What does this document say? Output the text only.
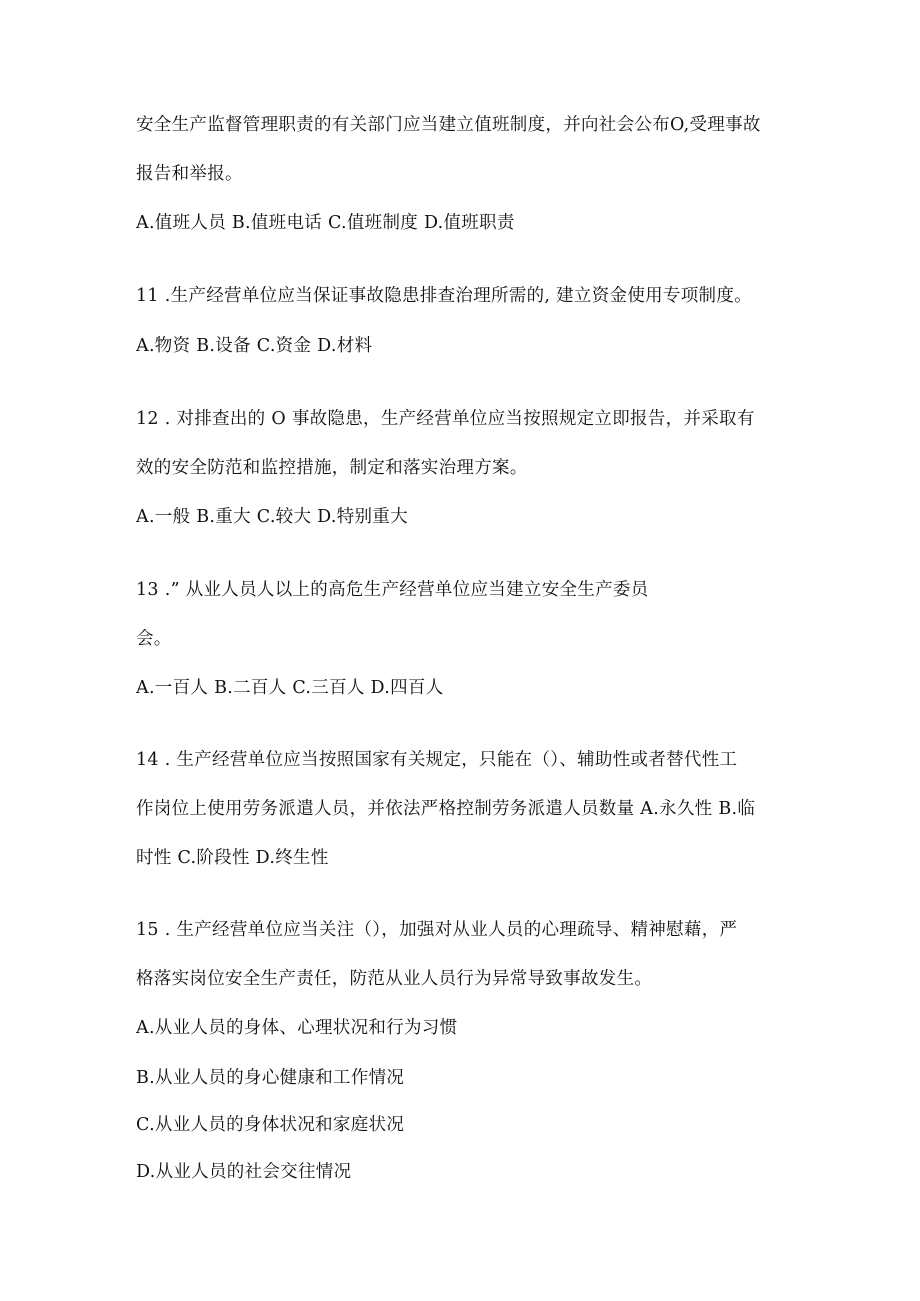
安全生产监督管理职责的有关部门应当建立值班制度，并向社会公布O,受理事故
报告和举报。
A.值班人员 B.值班电话 C.值班制度 D.值班职责
11 .生产经营单位应当保证事故隐患排查治理所需的, 建立资金使用专项制度。
A.物资 B.设备 C.资金 D.材料
12 . 对排查出的 O 事故隐患，生产经营单位应当按照规定立即报告，并采取有
效的安全防范和监控措施，制定和落实治理方案。
A.一般 B.重大 C.较大 D.特别重大
13 .” 从业人员人以上的高危生产经营单位应当建立安全生产委员
会。
A.一百人 B.二百人 C.三百人 D.四百人
14 . 生产经营单位应当按照国家有关规定，只能在（）、辅助性或者替代性工
作岗位上使用劳务派遣人员，并依法严格控制劳务派遣人员数量 A.永久性 B.临
时性 C.阶段性 D.终生性
15 . 生产经营单位应当关注（），加强对从业人员的心理疏导、精神慰藉，严
格落实岗位安全生产责任，防范从业人员行为异常导致事故发生。
A.从业人员的身体、心理状况和行为习惯
B.从业人员的身心健康和工作情况
C.从业人员的身体状况和家庭状况
D.从业人员的社会交往情况
